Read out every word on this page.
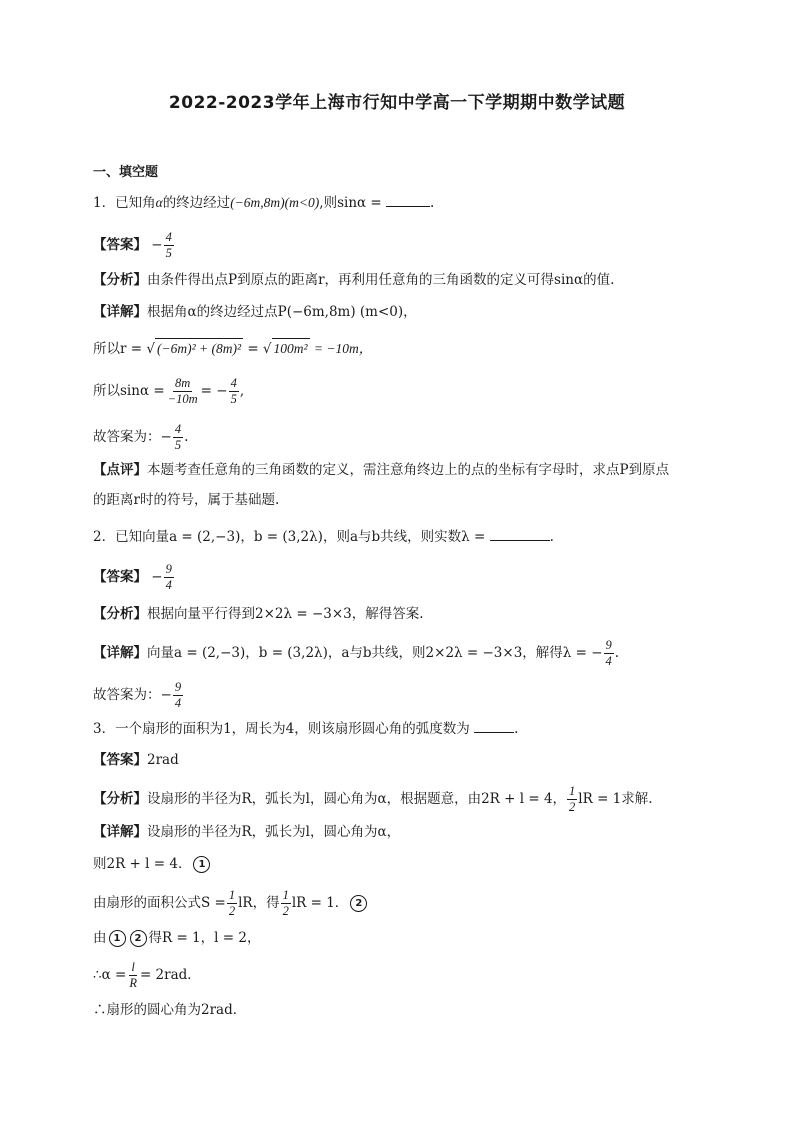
2022-2023学年上海市行知中学高一下学期期中数学试题
一、填空题
1．已知角α的终边经过(−6m,8m)(m<0),则sinα =	.
【答案】 − $\frac{4}{5}$
【分析】由条件得出点P到原点的距离r，再利用任意角的三角函数的定义可得sinα的值.
【详解】根据角α的终边经过点P(−6m,8m) (m<0)，
所以r = √ (−6m)² + (8m)² = √ 100m² = −10m，
所以$\sin\alpha = \frac{8m}{-10m}$ = − $\frac{4}{5}$ ,
故答案为：− $\frac{4}{5}$ .
【点评】本题考查任意角的三角函数的定义，需注意角终边上的点的坐标有字母时，求点P到原点
的距离r时的符号，属于基础题.
2．已知向量a = (2,−3)，b = (3,2λ)，则a与b共线，则实数λ =	.
【答案】 − $\frac{9}{4}$
【分析】根据向量平行得到2×2λ = −3×3，解得答案.
【详解】向量a = (2,−3)，b = (3,2λ)，a与b共线，则2×2λ = −3×3，解得λ = − $\frac{9}{4}$ .
故答案为：− $\frac{9}{4}$
3．一个扇形的面积为1，周长为4，则该扇形圆心角的弧度数为	.
【答案】2rad
【分析】设扇形的半径为R，弧长为l，圆心角为α，根据题意，由2R + l = 4， $\frac{1}{2}$ lR = 1求解.
【详解】设扇形的半径为R，弧长为l，圆心角为α，
则2R + l = 4． 1
由扇形的面积公式$S = \frac{1}{2}$ lR，得 $\frac{1}{2}$ lR = 1． 2
由 1 2 得R = 1，l = 2，
∴α = $\frac{l}{R} = 2rad$．
∴扇形的圆心角为2rad．
